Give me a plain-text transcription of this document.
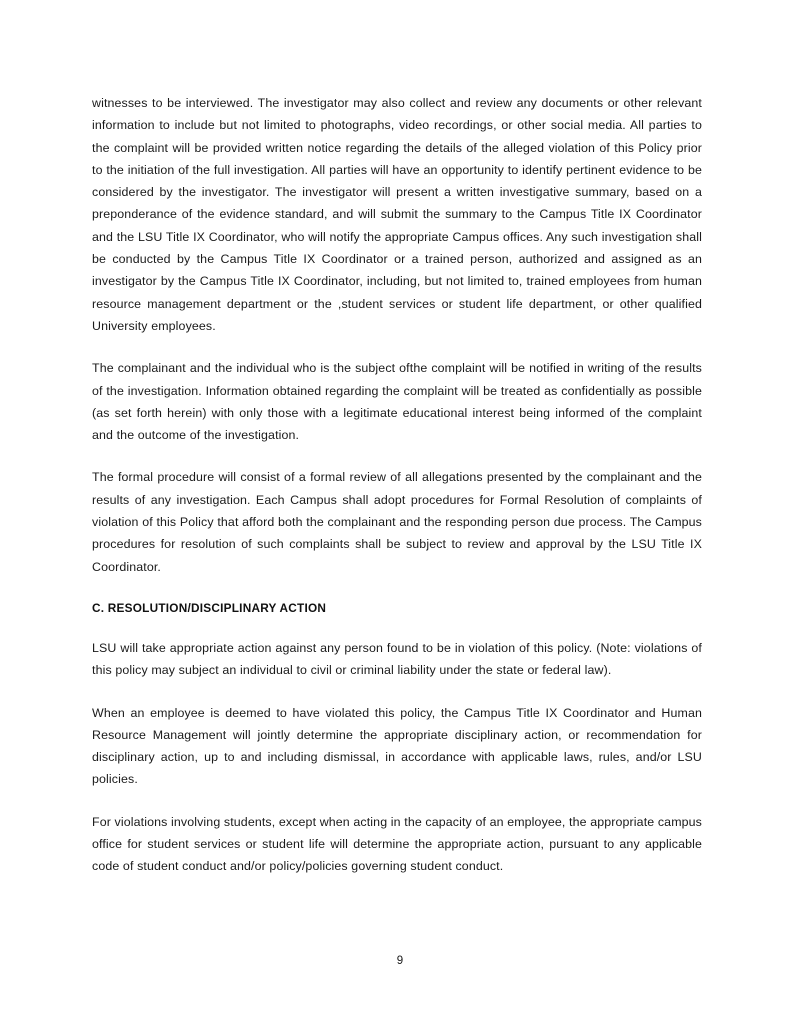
witnesses to be interviewed. The investigator may also collect and review any documents or other relevant information to include but not limited to photographs, video recordings, or other social media. All parties to the complaint will be provided written notice regarding the details of the alleged violation of this Policy prior to the initiation of the full investigation. All parties will have an opportunity to identify pertinent evidence to be considered by the investigator. The investigator will present a written investigative summary, based on a preponderance of the evidence standard, and will submit the summary to the Campus Title IX Coordinator and the LSU Title IX Coordinator, who will notify the appropriate Campus offices. Any such investigation shall be conducted by the Campus Title IX Coordinator or a trained person, authorized and assigned as an investigator by the Campus Title IX Coordinator, including, but not limited to, trained employees from human resource management department or the ,student services or student life department, or other qualified University employees.

The complainant and the individual who is the subject ofthe complaint will be notified in writing of the results of the investigation. Information obtained regarding the complaint will be treated as confidentially as possible (as set forth herein) with only those with a legitimate educational interest being informed of the complaint and the outcome of the investigation.

The formal procedure will consist of a formal review of all allegations presented by the complainant and the results of any investigation. Each Campus shall adopt procedures for Formal Resolution of complaints of violation of this Policy that afford both the complainant and the responding person due process. The Campus procedures for resolution of such complaints shall be subject to review and approval by the LSU Title IX Coordinator.

C. RESOLUTION/DISCIPLINARY ACTION

LSU will take appropriate action against any person found to be in violation of this policy. (Note: violations of this policy may subject an individual to civil or criminal liability under the state or federal law).

When an employee is deemed to have violated this policy, the Campus Title IX Coordinator and Human Resource Management will jointly determine the appropriate disciplinary action, or recommendation for disciplinary action, up to and including dismissal, in accordance with applicable laws, rules, and/or LSU policies.

For violations involving students, except when acting in the capacity of an employee, the appropriate campus office for student services or student life will determine the appropriate action, pursuant to any applicable code of student conduct and/or policy/policies governing student conduct.

9
